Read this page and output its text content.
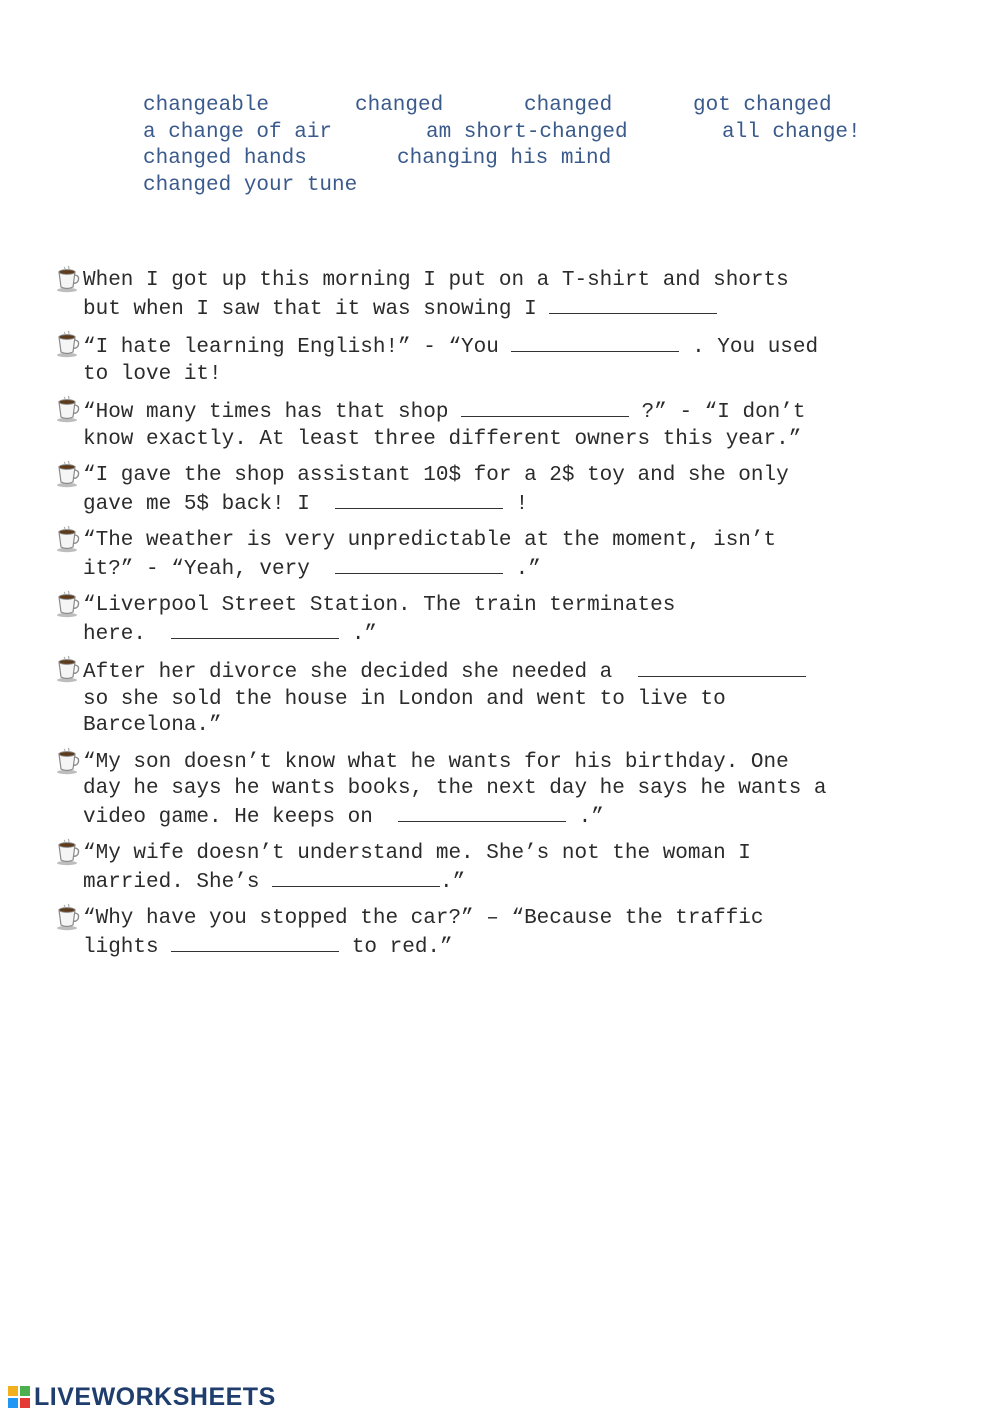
changeable	changed	changed	got changed
a change of air	am short-changed	all change!
changed hands	changing his mind
changed your tune
When I got up this morning I put on a T-shirt and shorts
but when I saw that it was snowing I
“I hate learning English!” - “You	. You used
to love it!
“How many times has that shop	?” - “I don’t
know exactly. At least three different owners this year.”
“I gave the shop assistant 10$ for a 2$ toy and she only
gave me 5$ back! I	!
“The weather is very unpredictable at the moment, isn’t
it?” - “Yeah, very	.”
“Liverpool Street Station. The train terminates
here.	.”
After her divorce she decided she needed a
so she sold the house in London and went to live to
Barcelona.”
“My son doesn’t know what he wants for his birthday. One
day he says he wants books, the next day he says he wants a
video game. He keeps on	.”
“My wife doesn’t understand me. She’s not the woman I
married. She’s	.”
“Why have you stopped the car?” – “Because the traffic
lights	to red.”
LIVEWORKSHEETS
